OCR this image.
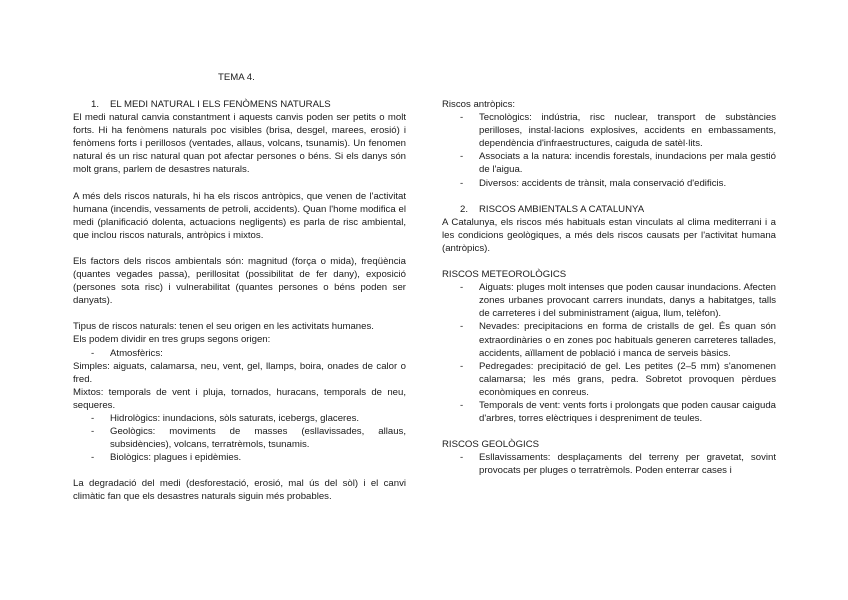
TEMA 4.

1. EL MEDI NATURAL I ELS FENÒMENS NATURALS

El medi natural canvia constantment i aquests canvis poden ser petits o molt forts. Hi ha fenòmens naturals poc visibles (brisa, desgel, marees, erosió) i fenòmens forts i perillosos (ventades, allaus, volcans, tsunamis). Un fenomen natural és un risc natural quan pot afectar persones o béns. Si els danys són molt grans, parlem de desastres naturals.

A més dels riscos naturals, hi ha els riscos antròpics, que venen de l'activitat humana (incendis, vessaments de petroli, accidents). Quan l'home modifica el medi (planificació dolenta, actuacions negligents) es parla de risc ambiental, que inclou riscos naturals, antròpics i mixtos.

Els factors dels riscos ambientals són: magnitud (força o mida), freqüència (quantes vegades passa), perillositat (possibilitat de fer dany), exposició (persones sota risc) i vulnerabilitat (quantes persones o béns poden ser danyats).

Tipus de riscos naturals: tenen el seu origen en les activitats humanes.

Els podem dividir en tres grups segons origen:

- Atmosfèrics:

Simples: aiguats, calamarsa, neu, vent, gel, llamps, boira, onades de calor o fred.

Mixtos: temporals de vent i pluja, tornados, huracans, temporals de neu, sequeres.

- Hidrològics: inundacions, sòls saturats, icebergs, glaceres.
- Geològics: moviments de masses (esllavissades, allaus, subsidències), volcans, terratrèmols, tsunamis.
- Biològics: plagues i epidèmies.

La degradació del medi (desforestació, erosió, mal ús del sòl) i el canvi climàtic fan que els desastres naturals siguin més probables.

Riscos antròpics:

- Tecnològics: indústria, risc nuclear, transport de substàncies perilloses, instal·lacions explosives, accidents en embassaments, dependència d'infraestructures, caiguda de satèl·lits.
- Associats a la natura: incendis forestals, inundacions per mala gestió de l'aigua.
- Diversos: accidents de trànsit, mala conservació d'edificis.

2. RISCOS AMBIENTALS A CATALUNYA

A Catalunya, els riscos més habituals estan vinculats al clima mediterrani i a les condicions geològiques, a més dels riscos causats per l'activitat humana (antròpics).

RISCOS METEOROLÒGICS

- Aiguats: pluges molt intenses que poden causar inundacions. Afecten zones urbanes provocant carrers inundats, danys a habitatges, talls de carreteres i del subministrament (aigua, llum, telèfon).
- Nevades: precipitacions en forma de cristalls de gel. És quan són extraordinàries o en zones poc habituals generen carreteres tallades, accidents, aïllament de població i manca de serveis bàsics.
- Pedregades: precipitació de gel. Les petites (2–5 mm) s'anomenen calamarsa; les més grans, pedra. Sobretot provoquen pèrdues econòmiques en conreus.
- Temporals de vent: vents forts i prolongats que poden causar caiguda d'arbres, torres elèctriques i despreniment de teules.

RISCOS GEOLÒGICS

- Esllavissaments: desplaçaments del terreny per gravetat, sovint provocats per pluges o terratrèmols. Poden enterrar cases i
